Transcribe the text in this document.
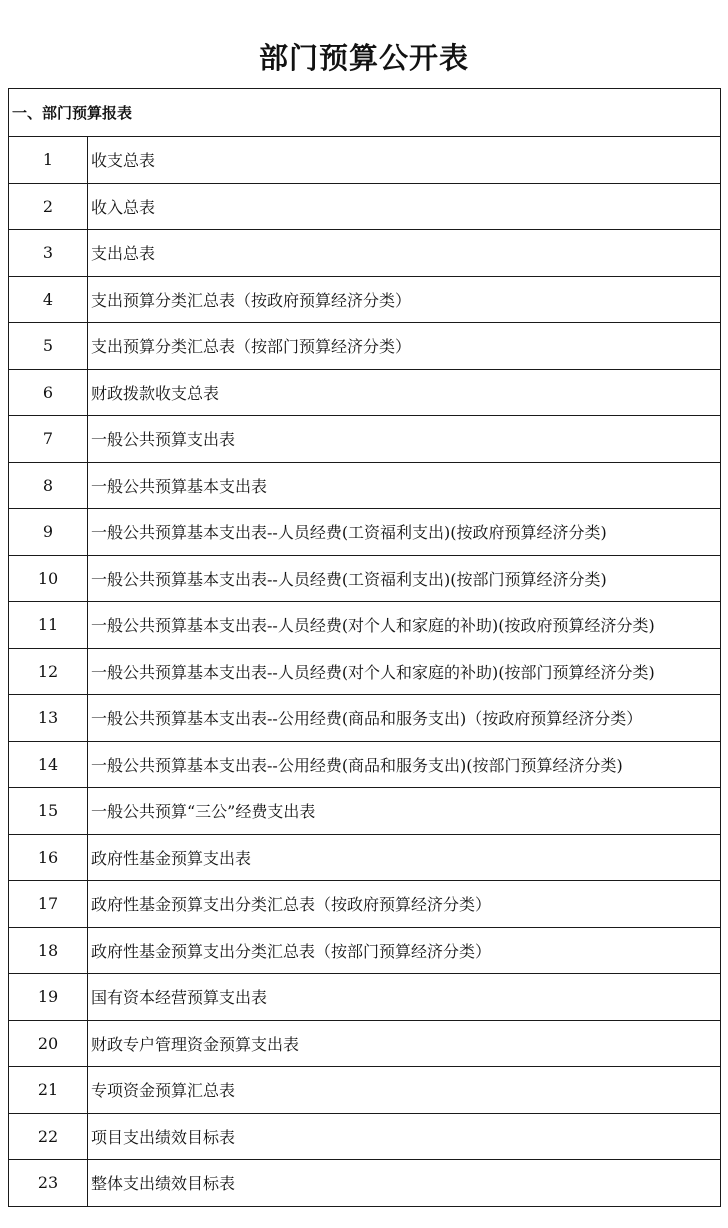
部门预算公开表
一、部门预算报表	
1	收支总表
2	收入总表
3	支出总表
4	支出预算分类汇总表（按政府预算经济分类）
5	支出预算分类汇总表（按部门预算经济分类）
6	财政拨款收支总表
7	一般公共预算支出表
8	一般公共预算基本支出表
9	一般公共预算基本支出表--人员经费(工资福利支出)(按政府预算经济分类)
10	一般公共预算基本支出表--人员经费(工资福利支出)(按部门预算经济分类)
11	一般公共预算基本支出表--人员经费(对个人和家庭的补助)(按政府预算经济分类)
12	一般公共预算基本支出表--人员经费(对个人和家庭的补助)(按部门预算经济分类)
13	一般公共预算基本支出表--公用经费(商品和服务支出)（按政府预算经济分类）
14	一般公共预算基本支出表--公用经费(商品和服务支出)(按部门预算经济分类)
15	一般公共预算“三公”经费支出表
16	政府性基金预算支出表
17	政府性基金预算支出分类汇总表（按政府预算经济分类）
18	政府性基金预算支出分类汇总表（按部门预算经济分类）
19	国有资本经营预算支出表
20	财政专户管理资金预算支出表
21	专项资金预算汇总表
22	项目支出绩效目标表
23	整体支出绩效目标表
